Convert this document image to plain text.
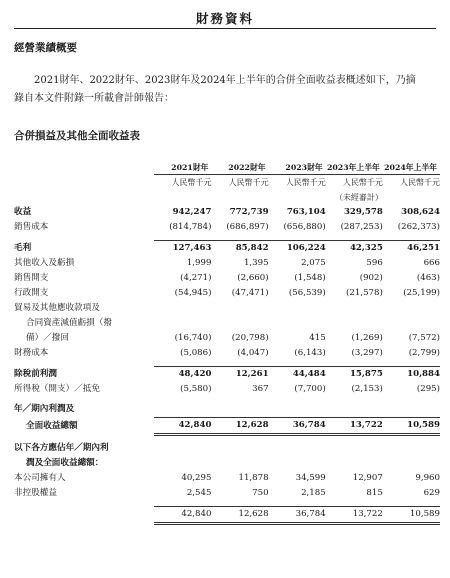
財務資料
經營業績概要
2021財年、2022財年、2023財年及2024年上半年的合併全面收益表概述如下，乃摘
錄自本文件附錄一所載會計師報告：
合併損益及其他全面收益表
	2021財年	2022財年	2023財年	2023年上半年	2024年上半年
	人民幣千元	人民幣千元	人民幣千元	人民幣千元	人民幣千元
				（未經審計）	
收益	942,247	772,739	763,104	329,578	308,624
銷售成本	(814,784)	(686,897)	(656,880)	(287,253)	(262,373)

毛利	127,463	85,842	106,224	42,325	46,251
其他收入及虧損	1,999	1,395	2,075	596	666
銷售開支	(4,271)	(2,660)	(1,548)	(902)	(463)
行政開支	(54,945)	(47,471)	(56,539)	(21,578)	(25,199)
貿易及其他應收款項及					
合同資產減值虧損（撥					
備）／撥回	(16,740)	(20,798)	415	(1,269)	(7,572)
財務成本	(5,086)	(4,047)	(6,143)	(3,297)	(2,799)

除稅前利潤	48,420	12,261	44,484	15,875	10,884
所得稅（開支）／抵免	(5,580)	367	(7,700)	(2,153)	(295)

年／期內利潤及					
全面收益總額	42,840	12,628	36,784	13,722	10,589

以下各方應佔年／期內利					
潤及全面收益總額：					
本公司擁有人	40,295	11,878	34,599	12,907	9,960
非控股權益	2,545	750	2,185	815	629

	42,840	12,628	36,784	13,722	10,589
